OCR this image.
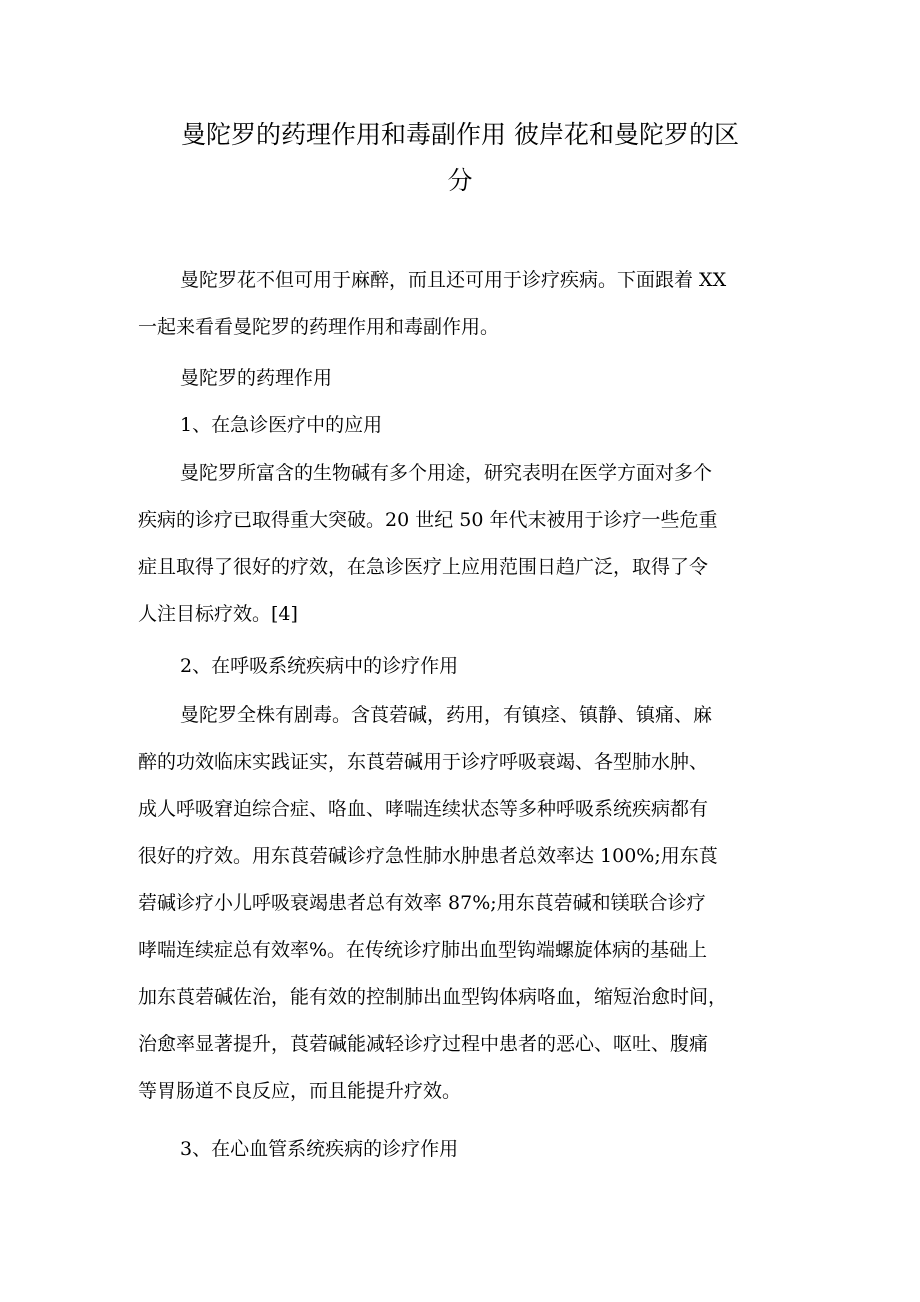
曼陀罗的药理作用和毒副作用 彼岸花和曼陀罗的区
分
曼陀罗花不但可用于麻醉，而且还可用于诊疗疾病。下面跟着 XX
一起来看看曼陀罗的药理作用和毒副作用。

曼陀罗的药理作用

1、在急诊医疗中的应用

曼陀罗所富含的生物碱有多个用途，研究表明在医学方面对多个
疾病的诊疗已取得重大突破。20 世纪 50 年代末被用于诊疗一些危重
症且取得了很好的疗效，在急诊医疗上应用范围日趋广泛，取得了令
人注目标疗效。[4]

2、在呼吸系统疾病中的诊疗作用

曼陀罗全株有剧毒。含莨菪碱，药用，有镇痉、镇静、镇痛、麻
醉的功效临床实践证实，东莨菪碱用于诊疗呼吸衰竭、各型肺水肿、
成人呼吸窘迫综合症、咯血、哮喘连续状态等多种呼吸系统疾病都有
很好的疗效。用东莨菪碱诊疗急性肺水肿患者总效率达 100%;用东莨
菪碱诊疗小儿呼吸衰竭患者总有效率 87%;用东莨菪碱和镁联合诊疗
哮喘连续症总有效率%。在传统诊疗肺出血型钩端螺旋体病的基础上
加东莨菪碱佐治，能有效的控制肺出血型钩体病咯血，缩短治愈时间，
治愈率显著提升，莨菪碱能减轻诊疗过程中患者的恶心、呕吐、腹痛
等胃肠道不良反应，而且能提升疗效。

3、在心血管系统疾病的诊疗作用
